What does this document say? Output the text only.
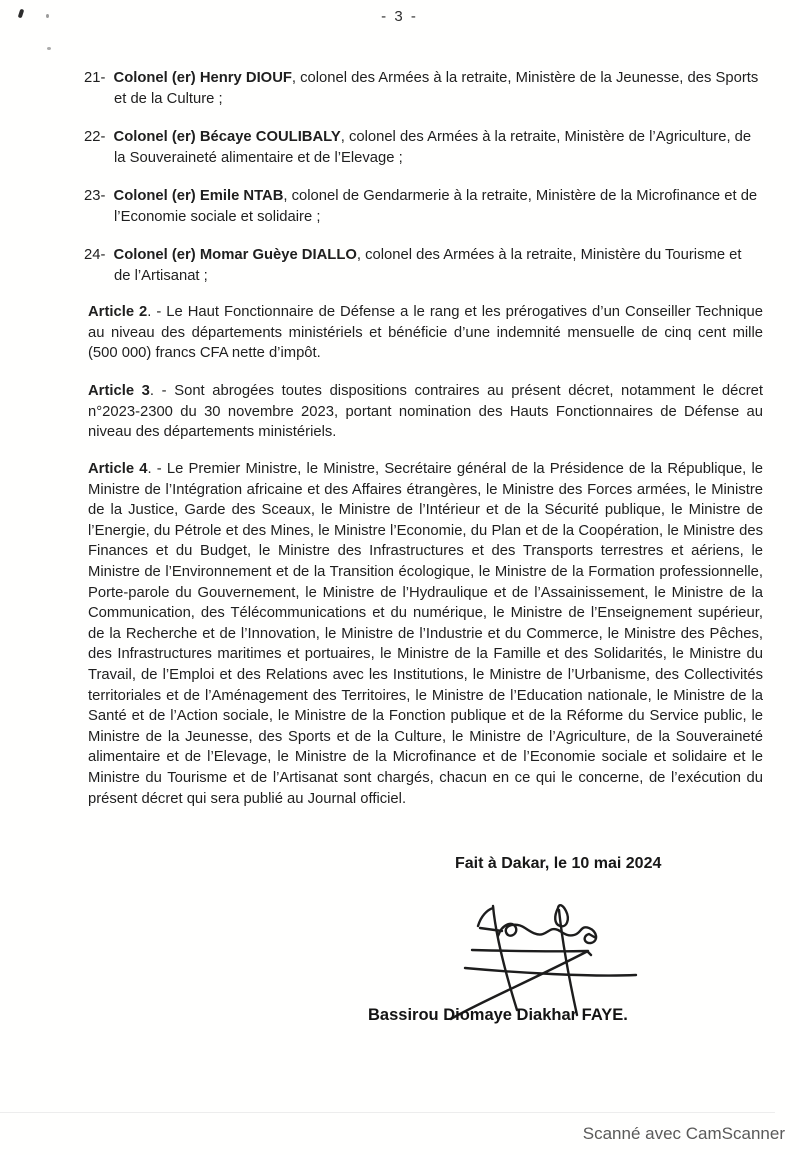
- 3 -
21- Colonel (er) Henry DIOUF, colonel des Armées à la retraite, Ministère de la Jeunesse, des Sports et de la Culture ;
22- Colonel (er) Bécaye COULIBALY, colonel des Armées à la retraite, Ministère de l’Agriculture, de la Souveraineté alimentaire et de l’Elevage ;
23- Colonel (er) Emile NTAB, colonel de Gendarmerie à la retraite, Ministère de la Microfinance et de l’Economie sociale et solidaire ;
24- Colonel (er) Momar Guèye DIALLO, colonel des Armées à la retraite, Ministère du Tourisme et de l’Artisanat ;
Article 2. - Le Haut Fonctionnaire de Défense a le rang et les prérogatives d’un Conseiller Technique au niveau des départements ministériels et bénéficie d’une indemnité mensuelle de cinq cent mille (500 000) francs CFA nette d’impôt.
Article 3. - Sont abrogées toutes dispositions contraires au présent décret, notamment le décret n°2023-2300 du 30 novembre 2023, portant nomination des Hauts Fonctionnaires de Défense au niveau des départements ministériels.
Article 4. - Le Premier Ministre, le Ministre, Secrétaire général de la Présidence de la République, le Ministre de l’Intégration africaine et des Affaires étrangères, le Ministre des Forces armées, le Ministre de la Justice, Garde des Sceaux, le Ministre de l’Intérieur et de la Sécurité publique, le Ministre de l’Energie, du Pétrole et des Mines, le Ministre l’Economie, du Plan et de la Coopération, le Ministre des Finances et du Budget, le Ministre des Infrastructures et des Transports terrestres et aériens, le Ministre de l’Environnement et de la Transition écologique, le Ministre de la Formation professionnelle, Porte-parole du Gouvernement, le Ministre de l’Hydraulique et de l’Assainissement, le Ministre de la Communication, des Télécommunications et du numérique, le Ministre de l’Enseignement supérieur, de la Recherche et de l’Innovation, le Ministre de l’Industrie et du Commerce, le Ministre des Pêches, des Infrastructures maritimes et portuaires, le Ministre de la Famille et des Solidarités, le Ministre du Travail, de l’Emploi et des Relations avec les Institutions, le Ministre de l’Urbanisme, des Collectivités territoriales et de l’Aménagement des Territoires, le Ministre de l’Education nationale, le Ministre de la Santé et de l’Action sociale, le Ministre de la Fonction publique et de la Réforme du Service public, le Ministre de la Jeunesse, des Sports et de la Culture, le Ministre de l’Agriculture, de la Souveraineté alimentaire et de l’Elevage, le Ministre de la Microfinance et de l’Economie sociale et solidaire et le Ministre du Tourisme et de l’Artisanat sont chargés, chacun en ce qui le concerne, de l’exécution du présent décret qui sera publié au Journal officiel.
Fait à Dakar, le 10 mai 2024
Bassirou Diomaye Diakhar FAYE.
Scanné avec CamScanner
